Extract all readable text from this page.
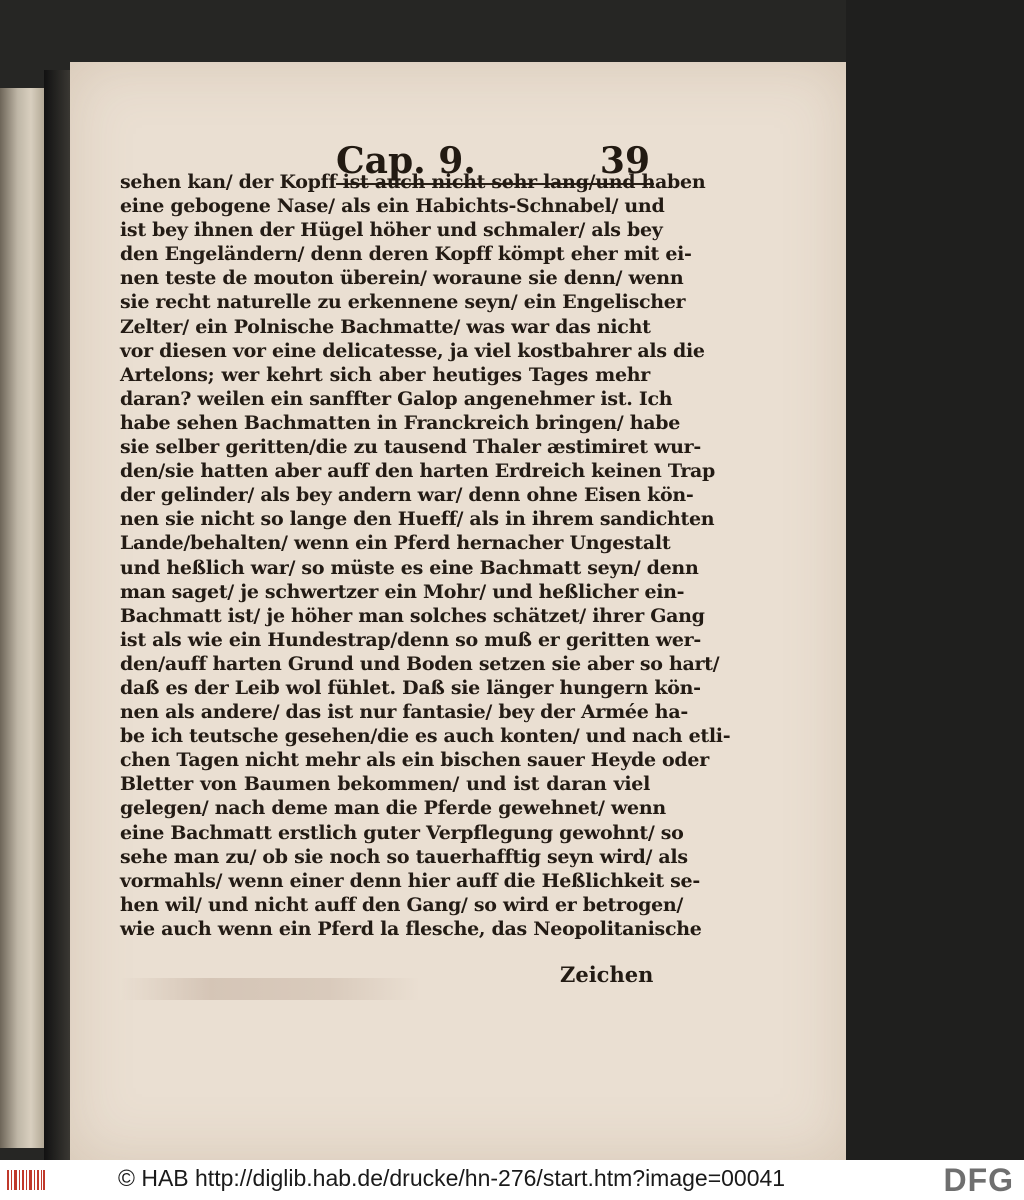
Cap. 9.	39
sehen kan/ der Kopff ist auch nicht sehr lang/und haben
eine gebogene Nase/ als ein Habichts-Schnabel/ und
ist bey ihnen der Hügel höher und schmaler/ als bey
den Engeländern/ denn deren Kopff kömpt eher mit ei-
nen teste de mouton überein/ woraune sie denn/ wenn
sie recht naturelle zu erkennene seyn/ ein Engelischer
Zelter/ ein Polnische Bachmatte/ was war das nicht
vor diesen vor eine delicatesse, ja viel kostbahrer als die
Artelons; wer kehrt sich aber heutiges Tages mehr
daran? weilen ein sanffter Galop angenehmer ist. Ich
habe sehen Bachmatten in Franckreich bringen/ habe
sie selber geritten/die zu tausend Thaler æstimiret wur-
den/sie hatten aber auff den harten Erdreich keinen Trap
der gelinder/ als bey andern war/ denn ohne Eisen kön-
nen sie nicht so lange den Hueff/ als in ihrem sandichten
Lande/behalten/ wenn ein Pferd hernacher Ungestalt
und heßlich war/ so müste es eine Bachmatt seyn/ denn
man saget/ je schwertzer ein Mohr/ und heßlicher ein-
Bachmatt ist/ je höher man solches schätzet/ ihrer Gang
ist als wie ein Hundestrap/denn so muß er geritten wer-
den/auff harten Grund und Boden setzen sie aber so hart/
daß es der Leib wol fühlet. Daß sie länger hungern kön-
nen als andere/ das ist nur fantasie/ bey der Armée ha-
be ich teutsche gesehen/die es auch konten/ und nach etli-
chen Tagen nicht mehr als ein bischen sauer Heyde oder
Bletter von Baumen bekommen/ und ist daran viel
gelegen/ nach deme man die Pferde gewehnet/ wenn
eine Bachmatt erstlich guter Verpflegung gewohnt/ so
sehe man zu/ ob sie noch so tauerhafftig seyn wird/ als
vormahls/ wenn einer denn hier auff die Heßlichkeit se-
hen wil/ und nicht auff den Gang/ so wird er betrogen/
wie auch wenn ein Pferd la flesche, das Neopolitanische
Zeichen
© HAB http://diglib.hab.de/drucke/hn-276/start.htm?image=00041	DFG
